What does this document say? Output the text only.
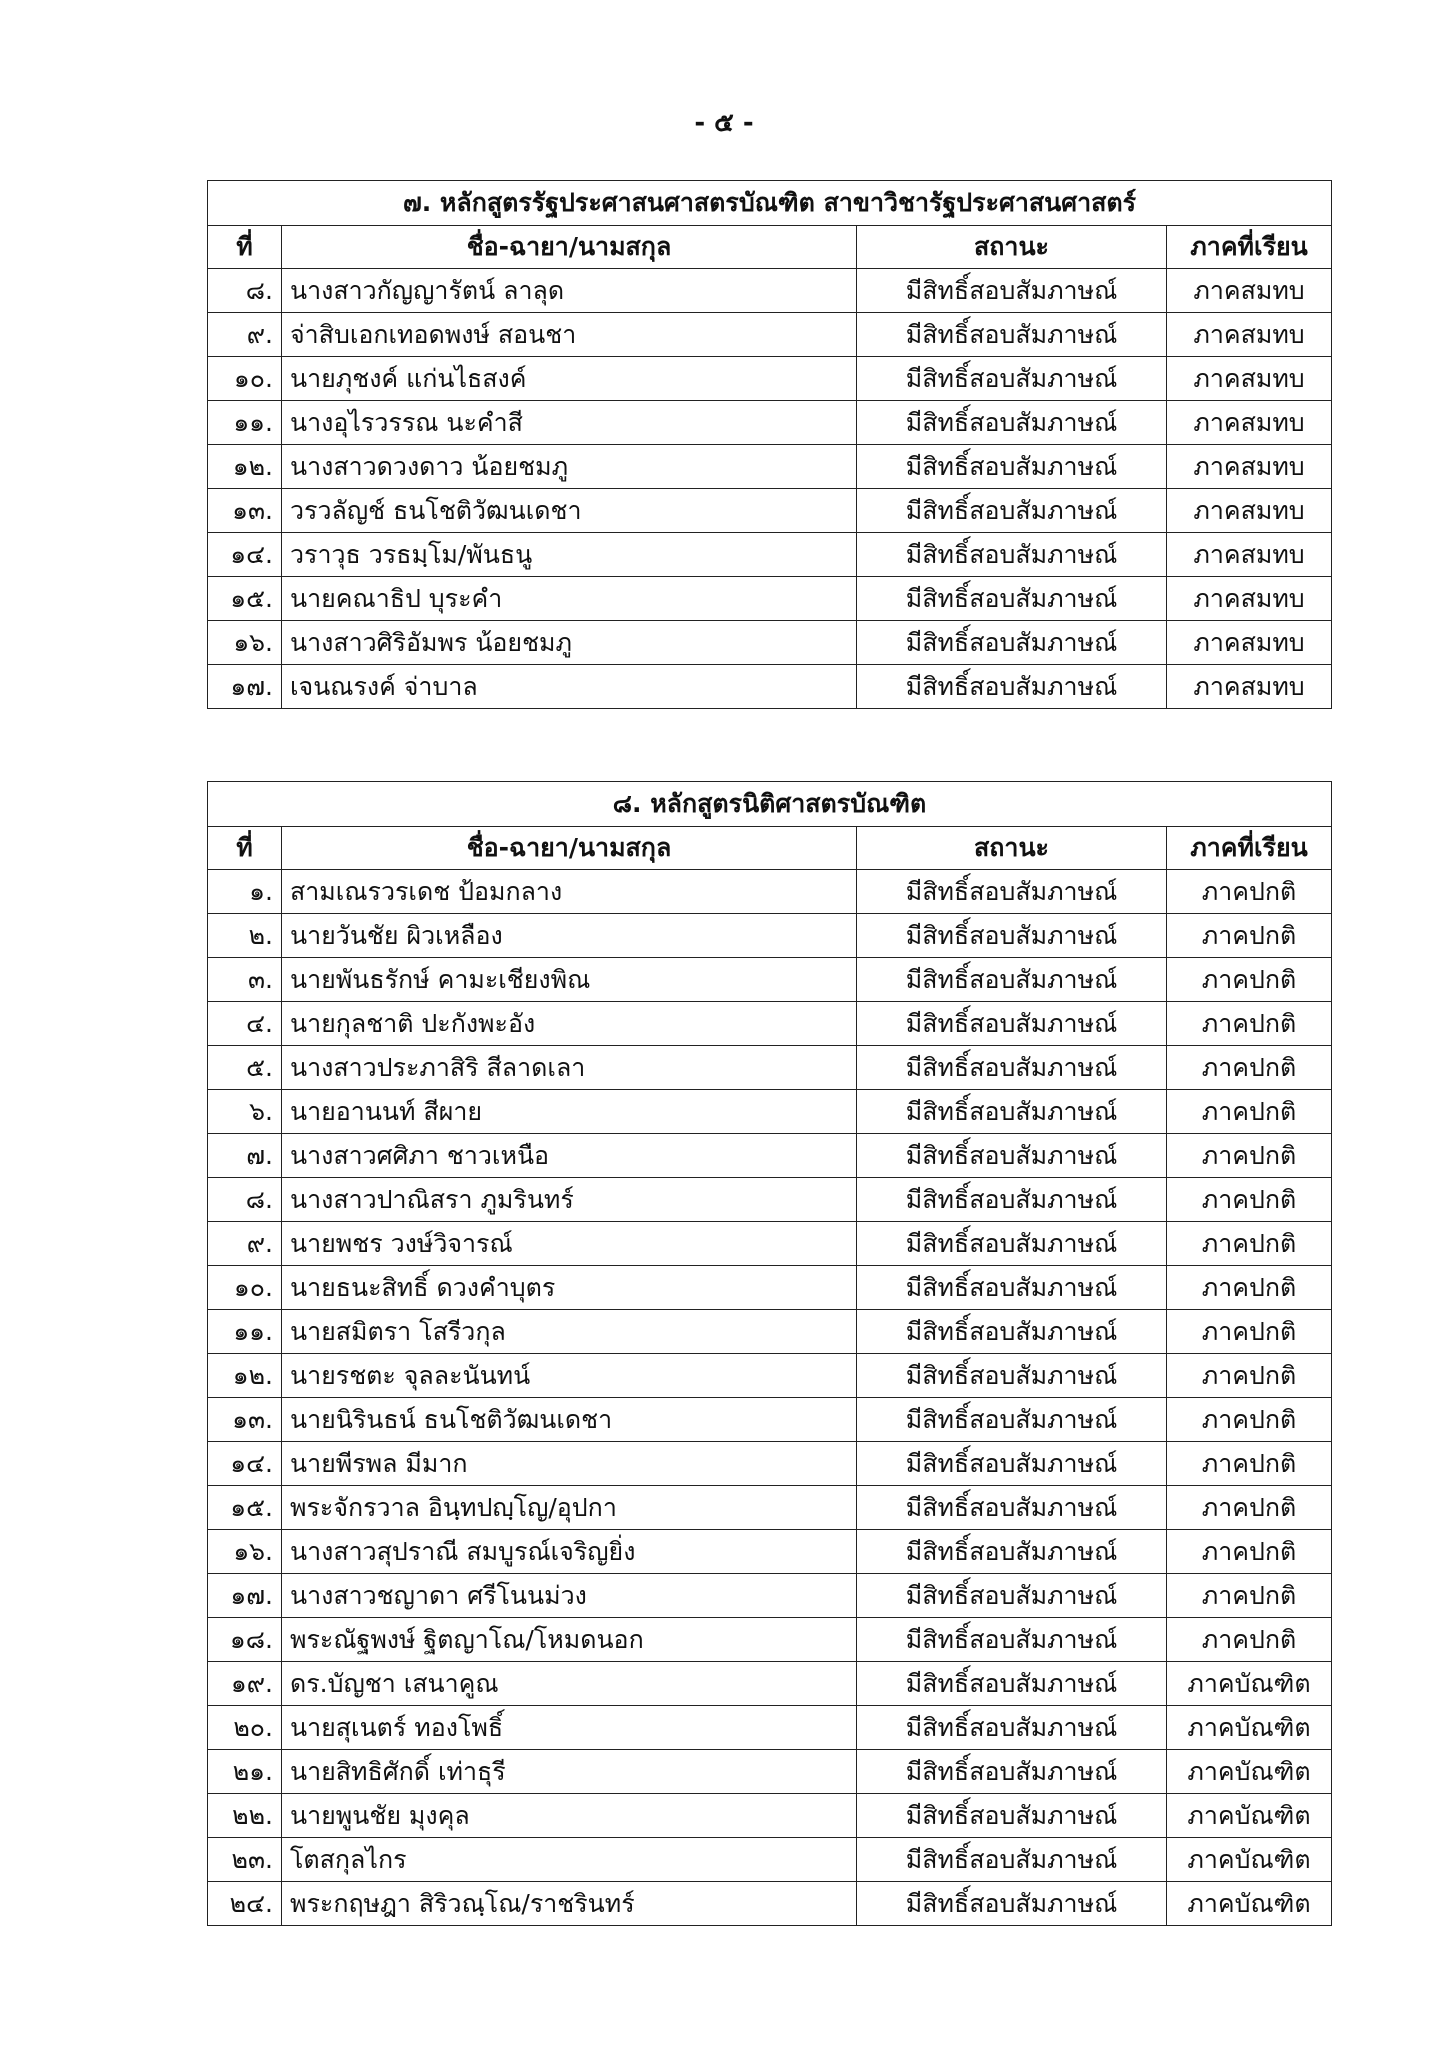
- ๕ -
๗. หลักสูตรรัฐประศาสนศาสตรบัณฑิต สาขาวิชารัฐประศาสนศาสตร์			
ที่	ชื่อ-ฉายา/นามสกุล	สถานะ	ภาคที่เรียน
๘.	นางสาวกัญญารัตน์ ลาลุด	มีสิทธิ์สอบสัมภาษณ์	ภาคสมทบ
๙.	จ่าสิบเอกเทอดพงษ์ สอนชา	มีสิทธิ์สอบสัมภาษณ์	ภาคสมทบ
๑๐.	นายภุชงค์ แก่นไธสงค์	มีสิทธิ์สอบสัมภาษณ์	ภาคสมทบ
๑๑.	นางอุไรวรรณ นะคำสี	มีสิทธิ์สอบสัมภาษณ์	ภาคสมทบ
๑๒.	นางสาวดวงดาว น้อยชมภู	มีสิทธิ์สอบสัมภาษณ์	ภาคสมทบ
๑๓.	วรวลัญช์ ธนโชติวัฒนเดชา	มีสิทธิ์สอบสัมภาษณ์	ภาคสมทบ
๑๔.	วราวุธ วรธมฺโม/พันธนู	มีสิทธิ์สอบสัมภาษณ์	ภาคสมทบ
๑๕.	นายคณาธิป บุระคำ	มีสิทธิ์สอบสัมภาษณ์	ภาคสมทบ
๑๖.	นางสาวศิริอัมพร น้อยชมภู	มีสิทธิ์สอบสัมภาษณ์	ภาคสมทบ
๑๗.	เจนณรงค์ จ่าบาล	มีสิทธิ์สอบสัมภาษณ์	ภาคสมทบ
๘. หลักสูตรนิติศาสตรบัณฑิต			
ที่	ชื่อ-ฉายา/นามสกุล	สถานะ	ภาคที่เรียน
๑.	สามเณรวรเดช ป้อมกลาง	มีสิทธิ์สอบสัมภาษณ์	ภาคปกติ
๒.	นายวันชัย ผิวเหลือง	มีสิทธิ์สอบสัมภาษณ์	ภาคปกติ
๓.	นายพันธรักษ์ คามะเชียงพิณ	มีสิทธิ์สอบสัมภาษณ์	ภาคปกติ
๔.	นายกุลชาติ ปะกังพะอัง	มีสิทธิ์สอบสัมภาษณ์	ภาคปกติ
๕.	นางสาวประภาสิริ สีลาดเลา	มีสิทธิ์สอบสัมภาษณ์	ภาคปกติ
๖.	นายอานนท์ สีผาย	มีสิทธิ์สอบสัมภาษณ์	ภาคปกติ
๗.	นางสาวศศิภา ชาวเหนือ	มีสิทธิ์สอบสัมภาษณ์	ภาคปกติ
๘.	นางสาวปาณิสรา ภูมรินทร์	มีสิทธิ์สอบสัมภาษณ์	ภาคปกติ
๙.	นายพชร วงษ์วิจารณ์	มีสิทธิ์สอบสัมภาษณ์	ภาคปกติ
๑๐.	นายธนะสิทธิ์ ดวงคำบุตร	มีสิทธิ์สอบสัมภาษณ์	ภาคปกติ
๑๑.	นายสมิตรา โสรีวกุล	มีสิทธิ์สอบสัมภาษณ์	ภาคปกติ
๑๒.	นายรชตะ จุลละนันทน์	มีสิทธิ์สอบสัมภาษณ์	ภาคปกติ
๑๓.	นายนิรินธน์ ธนโชติวัฒนเดชา	มีสิทธิ์สอบสัมภาษณ์	ภาคปกติ
๑๔.	นายพีรพล มีมาก	มีสิทธิ์สอบสัมภาษณ์	ภาคปกติ
๑๕.	พระจักรวาล อินฺทปญฺโญ/อุปกา	มีสิทธิ์สอบสัมภาษณ์	ภาคปกติ
๑๖.	นางสาวสุปราณี สมบูรณ์เจริญยิ่ง	มีสิทธิ์สอบสัมภาษณ์	ภาคปกติ
๑๗.	นางสาวชญาดา ศรีโนนม่วง	มีสิทธิ์สอบสัมภาษณ์	ภาคปกติ
๑๘.	พระณัฐพงษ์ ฐิตญาโณ/โหมดนอก	มีสิทธิ์สอบสัมภาษณ์	ภาคปกติ
๑๙.	ดร.บัญชา เสนาคูณ	มีสิทธิ์สอบสัมภาษณ์	ภาคบัณฑิต
๒๐.	นายสุเนตร์ ทองโพธิ์	มีสิทธิ์สอบสัมภาษณ์	ภาคบัณฑิต
๒๑.	นายสิทธิศักดิ์ เท่าธุรี	มีสิทธิ์สอบสัมภาษณ์	ภาคบัณฑิต
๒๒.	นายพูนชัย มุงคุล	มีสิทธิ์สอบสัมภาษณ์	ภาคบัณฑิต
๒๓.	โตสกุลไกร	มีสิทธิ์สอบสัมภาษณ์	ภาคบัณฑิต
๒๔.	พระกฤษฎา สิริวณฺโณ/ราชรินทร์	มีสิทธิ์สอบสัมภาษณ์	ภาคบัณฑิต
